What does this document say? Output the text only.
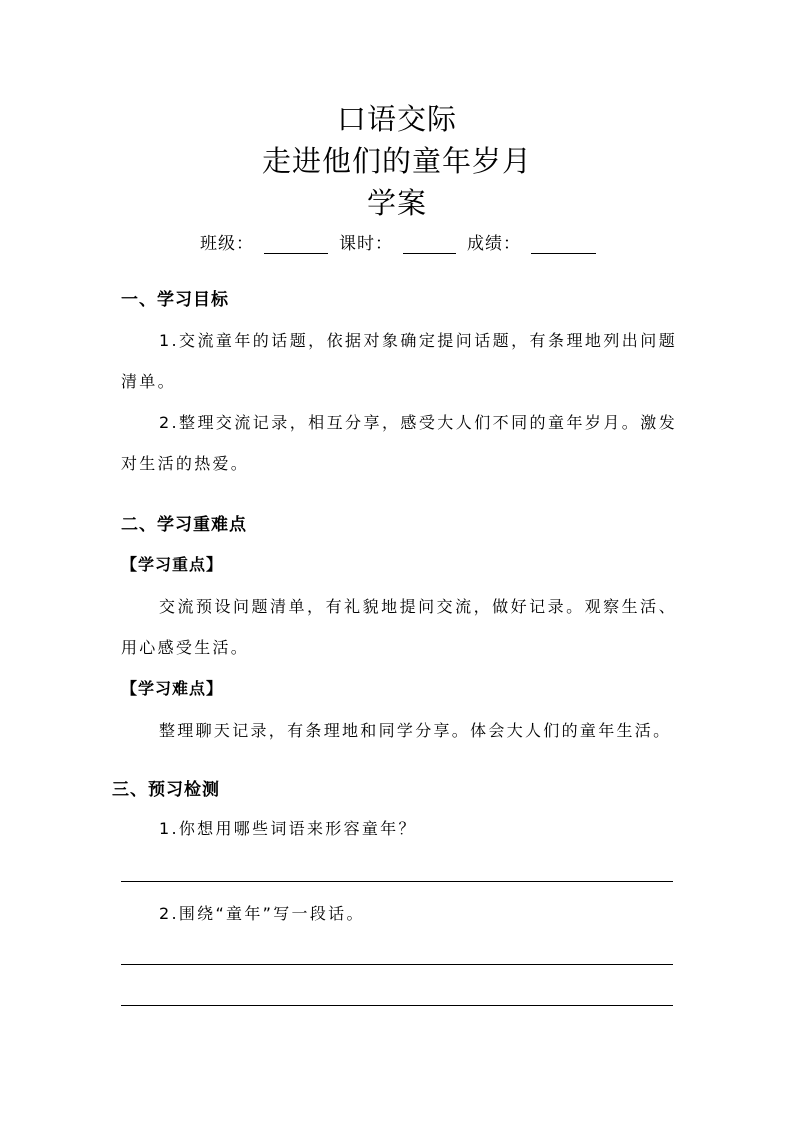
口语交际
走进他们的童年岁月
学案
班级：	课时：	成绩：
一、学习目标
1.交流童年的话题，依据对象确定提问话题，有条理地列出问题清单。
2.整理交流记录，相互分享，感受大人们不同的童年岁月。激发对生活的热爱。
二、学习重难点
【学习重点】
交流预设问题清单，有礼貌地提问交流，做好记录。观察生活、用心感受生活。
【学习难点】
整理聊天记录，有条理地和同学分享。体会大人们的童年生活。
三、预习检测
1.你想用哪些词语来形容童年？
2.围绕“童年”写一段话。
